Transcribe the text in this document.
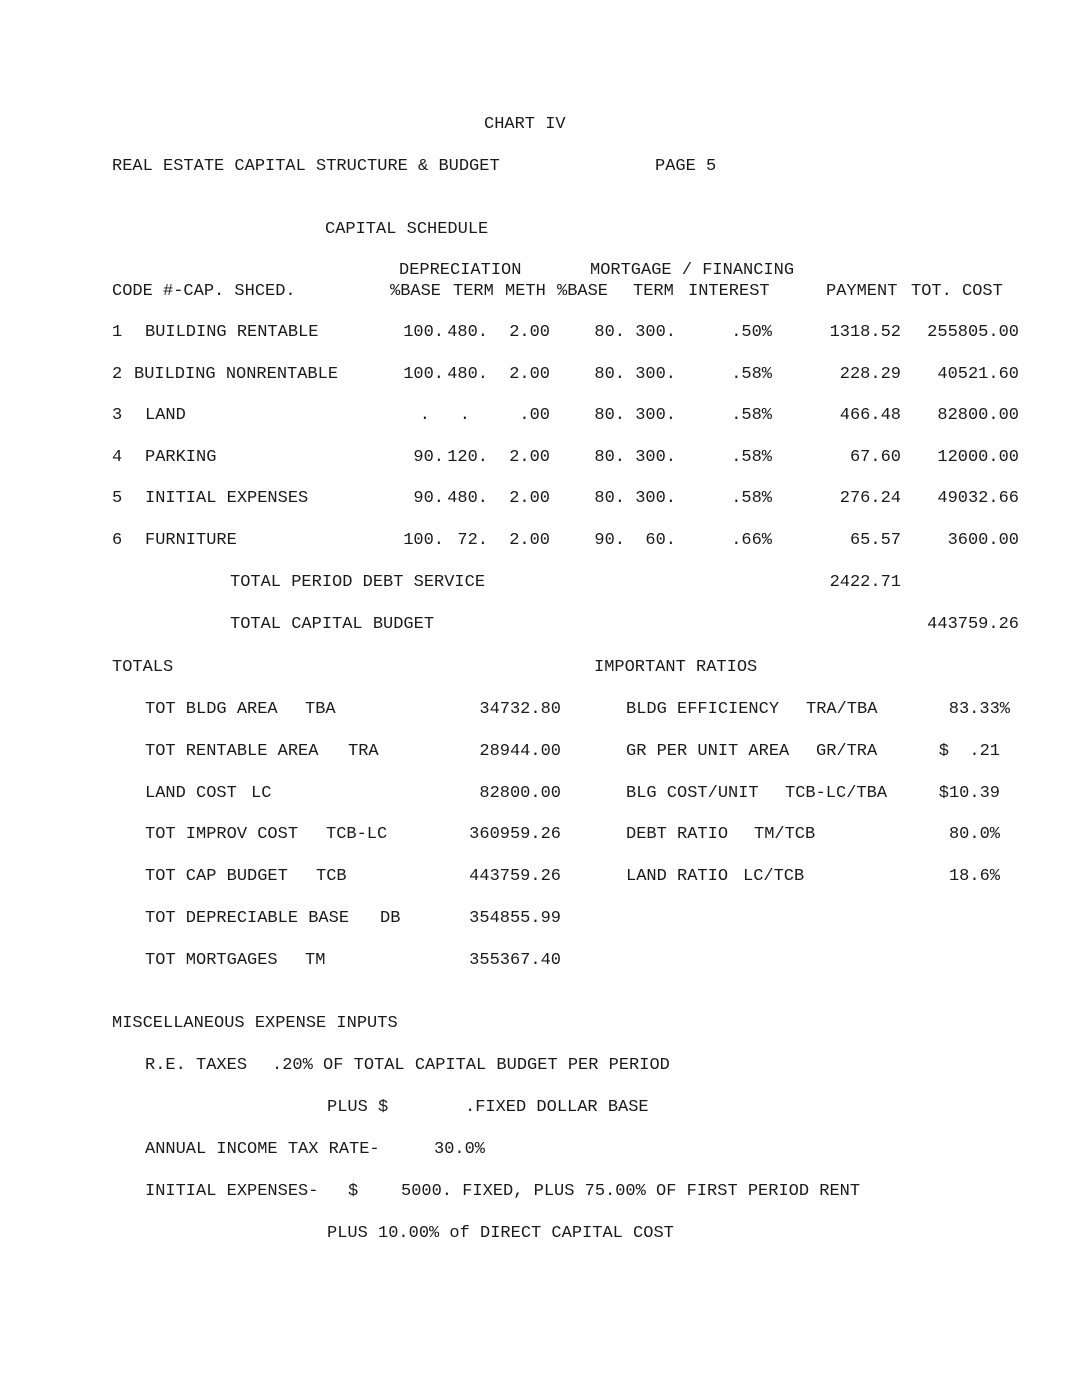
CHART IV
REAL ESTATE CAPITAL STRUCTURE & BUDGET	PAGE 5
CAPITAL SCHEDULE
DEPRECIATION	MORTGAGE / FINANCING
CODE #-CAP. SHCED.	%BASE TERM METH %BASE TERM INTEREST	PAYMENT TOT. COST
1 BUILDING RENTABLE	100. 480.	2.00	80. 300.	.50%	1318.52	255805.00
2 BUILDING NONRENTABLE	100. 480.	2.00	80. 300.	.58%	228.29	40521.60
3 LAND	.	.	.00	80. 300.	.58%	466.48	82800.00
4 PARKING	90. 120.	2.00	80. 300.	.58%	67.60	12000.00
5 INITIAL EXPENSES	90. 480.	2.00	80. 300.	.58%	276.24	49032.66
6 FURNITURE	100. 72.	2.00	90.	60.	.66%	65.57	3600.00
TOTAL PERIOD DEBT SERVICE	2422.71
TOTAL CAPITAL BUDGET	443759.26
TOTALS	IMPORTANT RATIOS
TOT BLDG AREA TBA	34732.80
TOT RENTABLE AREA TRA	28944.00
LAND COST LC	82800.00
TOT IMPROV COST TCB-LC	360959.26
TOT CAP BUDGET TCB	443759.26
TOT DEPRECIABLE BASE DB	354855.99
TOT MORTGAGES TM	355367.40
BLDG EFFICIENCY TRA/TBA	83.33%
GR PER UNIT AREA GR/TRA	$  .21
BLG COST/UNIT TCB-LC/TBA	$10.39
DEBT RATIO TM/TCB	80.0%
LAND RATIO LC/TCB	18.6%
MISCELLANEOUS EXPENSE INPUTS
R.E. TAXES .20% OF TOTAL CAPITAL BUDGET PER PERIOD
PLUS $	.FIXED DOLLAR BASE
ANNUAL INCOME TAX RATE-	30.0%
INITIAL EXPENSES- $	5000. FIXED, PLUS 75.00% OF FIRST PERIOD RENT
PLUS 10.00% of DIRECT CAPITAL COST
